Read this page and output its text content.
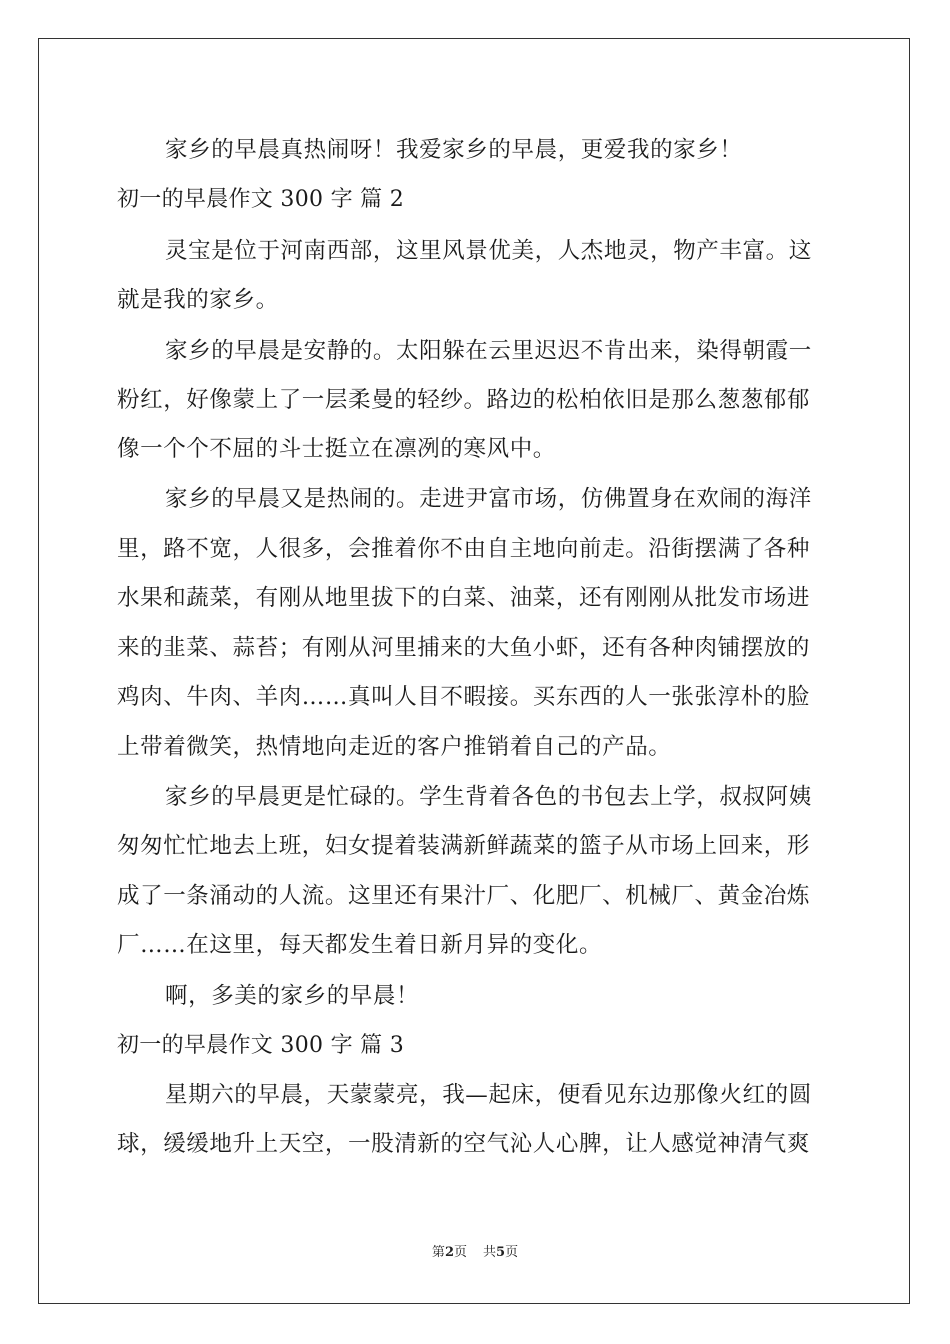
家乡的早晨真热闹呀！我爱家乡的早晨，更爱我的家乡！
初一的早晨作文 300 字 篇 2
灵宝是位于河南西部，这里风景优美，人杰地灵，物产丰富。这
就是我的家乡。
家乡的早晨是安静的。太阳躲在云里迟迟不肯出来，染得朝霞一
粉红，好像蒙上了一层柔曼的轻纱。路边的松柏依旧是那么葱葱郁郁
像一个个不屈的斗士挺立在凛冽的寒风中。
家乡的早晨又是热闹的。走进尹富市场，仿佛置身在欢闹的海洋
里，路不宽，人很多，会推着你不由自主地向前走。沿街摆满了各种
水果和蔬菜，有刚从地里拔下的白菜、油菜，还有刚刚从批发市场进
来的韭菜、蒜苔；有刚从河里捕来的大鱼小虾，还有各种肉铺摆放的
鸡肉、牛肉、羊肉……真叫人目不暇接。买东西的人一张张淳朴的脸
上带着微笑，热情地向走近的客户推销着自己的产品。
家乡的早晨更是忙碌的。学生背着各色的书包去上学，叔叔阿姨
匆匆忙忙地去上班，妇女提着装满新鲜蔬菜的篮子从市场上回来，形
成了一条涌动的人流。这里还有果汁厂、化肥厂、机械厂、黄金冶炼
厂……在这里，每天都发生着日新月异的变化。
啊，多美的家乡的早晨！
初一的早晨作文 300 字 篇 3
星期六的早晨，天蒙蒙亮，我—起床，便看见东边那像火红的圆
球，缓缓地升上天空，一股清新的空气沁人心脾，让人感觉神清气爽
第2页 共5页
